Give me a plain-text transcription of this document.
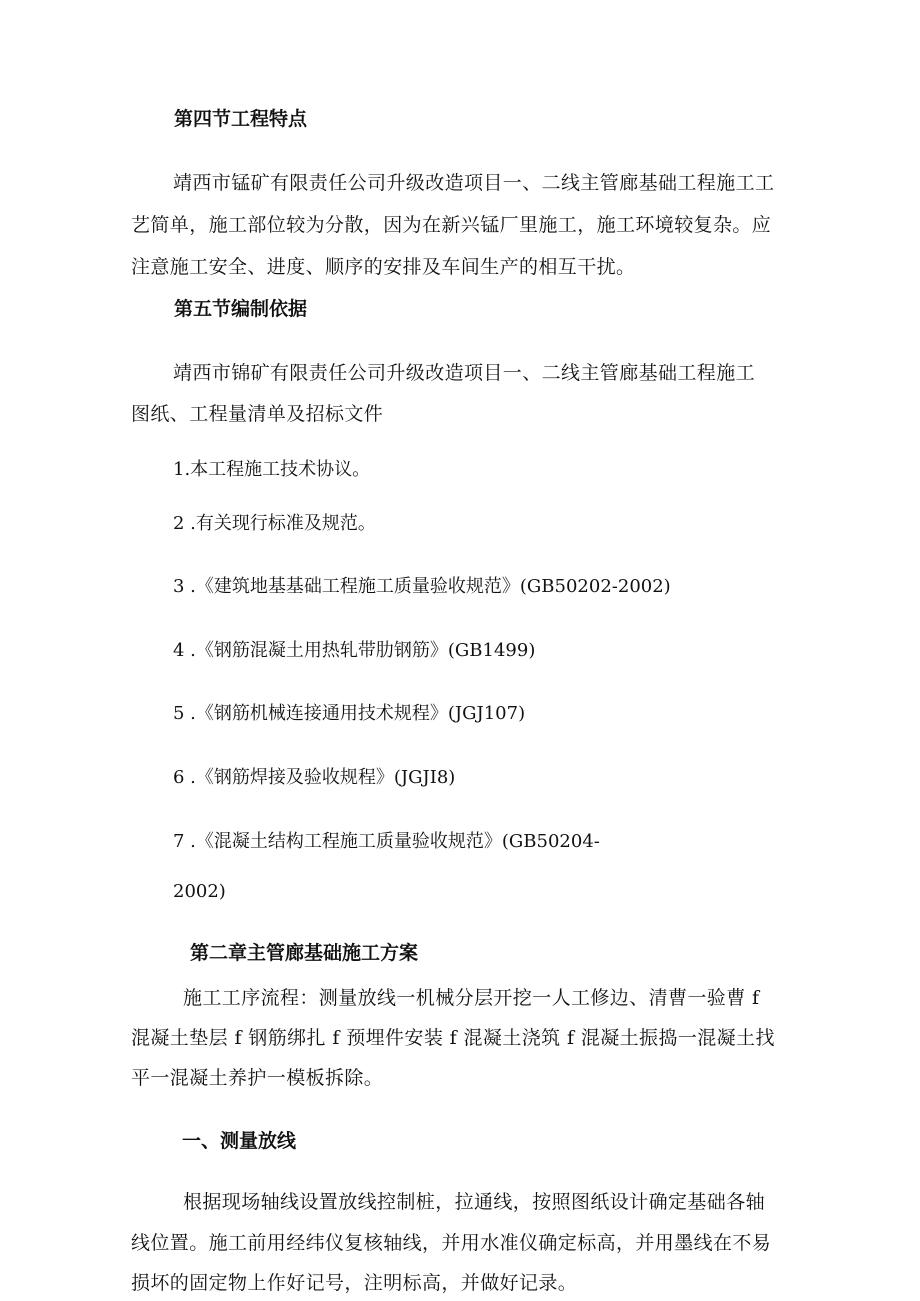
第四节工程特点
靖西市锰矿有限责任公司升级改造项目一、二线主管廊基础工程施工工
艺简单，施工部位较为分散，因为在新兴锰厂里施工，施工环境较复杂。应
注意施工安全、进度、顺序的安排及车间生产的相互干扰。
第五节编制依据
靖西市锦矿有限责任公司升级改造项目一、二线主管廊基础工程施工
图纸、工程量清单及招标文件
1.本工程施工技术协议。
2 .有关现行标准及规范。
3 .《建筑地基基础工程施工质量验收规范》(GB50202-2002)
4 .《钢筋混凝土用热轧带肋钢筋》(GB1499)
5 .《钢筋机械连接通用技术规程》(JGJ107)
6 .《钢筋焊接及验收规程》(JGJI8)
7 .《混凝土结构工程施工质量验收规范》(GB50204-
2002)
第二章主管廊基础施工方案
施工工序流程：测量放线一机械分层开挖一人工修边、清曹一验曹 f
混凝土垫层 f 钢筋绑扎 f 预埋件安装 f 混凝土浇筑 f 混凝土振捣一混凝土找
平一混凝土养护一模板拆除。
一、测量放线
根据现场轴线设置放线控制桩，拉通线，按照图纸设计确定基础各轴
线位置。施工前用经纬仪复核轴线，并用水准仪确定标高，并用墨线在不易
损坏的固定物上作好记号，注明标高，并做好记录。
